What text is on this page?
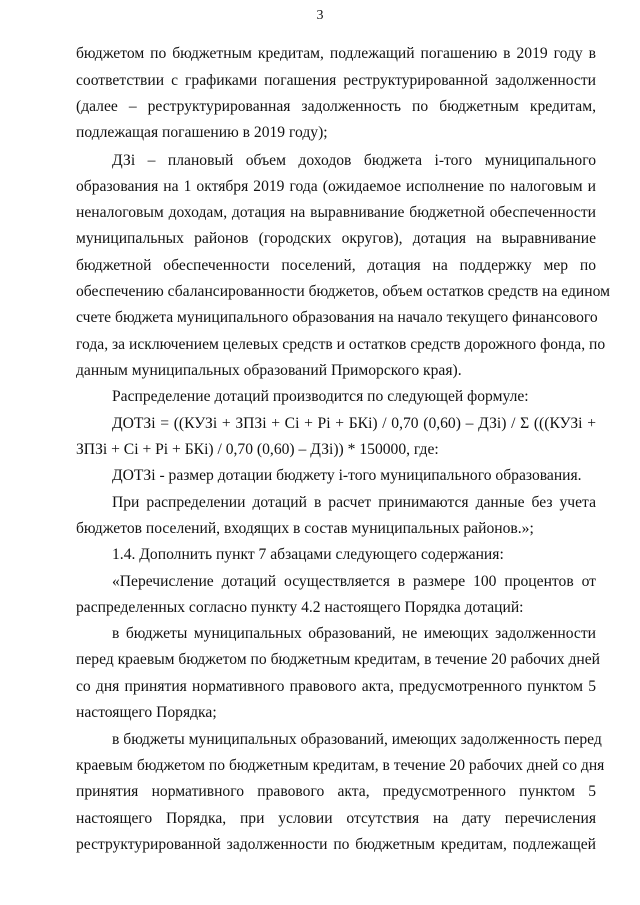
3
бюджетом по бюджетным кредитам, подлежащий погашению в 2019 году в
соответствии с графиками погашения реструктурированной задолженности
(далее – реструктурированная задолженность по бюджетным кредитам,
подлежащая погашению в 2019 году);
ДЗi – плановый объем доходов бюджета i-того муниципального
образования на 1 октября 2019 года (ожидаемое исполнение по налоговым и
неналоговым доходам, дотация на выравнивание бюджетной обеспеченности
муниципальных районов (городских округов), дотация на выравнивание
бюджетной обеспеченности поселений, дотация на поддержку мер по
обеспечению сбалансированности бюджетов, объем остатков средств на едином
счете бюджета муниципального образования на начало текущего финансового
года, за исключением целевых средств и остатков средств дорожного фонда, по
данным муниципальных образований Приморского края).
Распределение дотаций производится по следующей формуле:
ДОТЗi = ((КУЗi + ЗПЗi + Ci + Pi + БКi) / 0,70 (0,60) – ДЗi) / Σ (((КУЗi +
ЗПЗi + Ci + Pi + БКi) / 0,70 (0,60) – ДЗi)) * 150000, где:
ДОТЗi - размер дотации бюджету i-того муниципального образования.
При распределении дотаций в расчет принимаются данные без учета
бюджетов поселений, входящих в состав муниципальных районов.»;
1.4. Дополнить пункт 7 абзацами следующего содержания:
«Перечисление дотаций осуществляется в размере 100 процентов от
распределенных согласно пункту 4.2 настоящего Порядка дотаций:
в бюджеты муниципальных образований, не имеющих задолженности
перед краевым бюджетом по бюджетным кредитам, в течение 20 рабочих дней
со дня принятия нормативного правового акта, предусмотренного пунктом 5
настоящего Порядка;
в бюджеты муниципальных образований, имеющих задолженность перед
краевым бюджетом по бюджетным кредитам, в течение 20 рабочих дней со дня
принятия нормативного правового акта, предусмотренного пунктом 5
настоящего Порядка, при условии отсутствия на дату перечисления
реструктурированной задолженности по бюджетным кредитам, подлежащей
